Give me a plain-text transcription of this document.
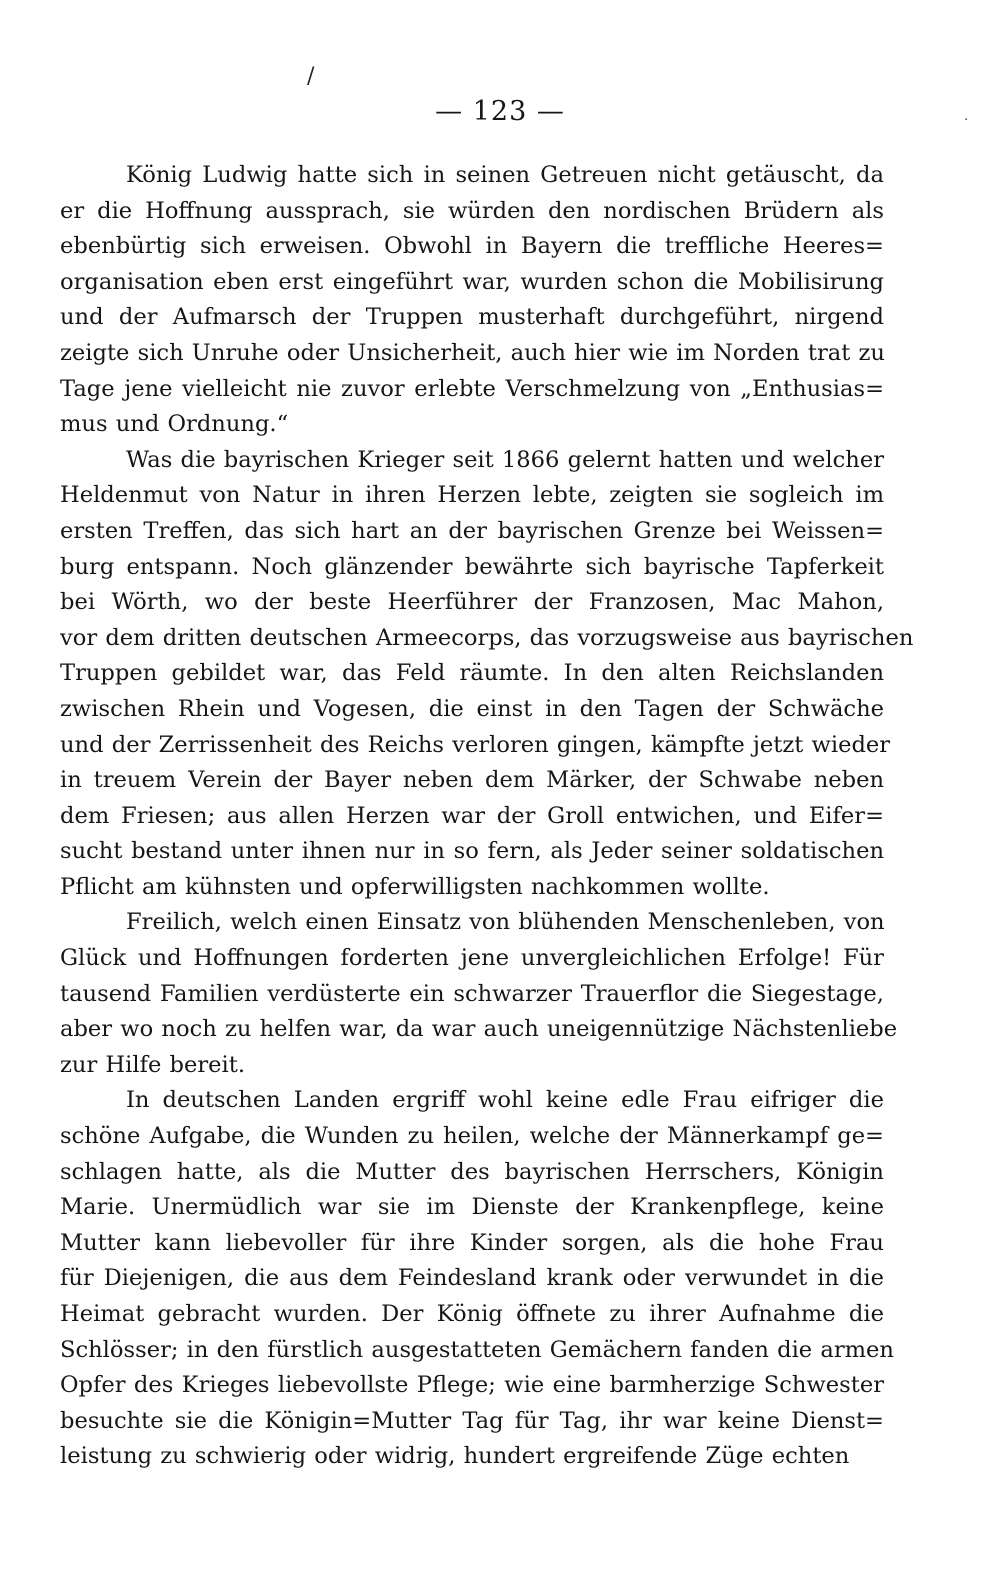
/
·
— 123 —
König Ludwig hatte sich in seinen Getreuen nicht getäuscht, da
er die Hoffnung aussprach, sie würden den nordischen Brüdern als
ebenbürtig sich erweisen. Obwohl in Bayern die treffliche Heeres=
organisation eben erst eingeführt war, wurden schon die Mobilisirung
und der Aufmarsch der Truppen musterhaft durchgeführt, nirgend
zeigte sich Unruhe oder Unsicherheit, auch hier wie im Norden trat zu
Tage jene vielleicht nie zuvor erlebte Verschmelzung von „Enthusias=
mus und Ordnung.“
Was die bayrischen Krieger seit 1866 gelernt hatten und welcher
Heldenmut von Natur in ihren Herzen lebte, zeigten sie sogleich im
ersten Treffen, das sich hart an der bayrischen Grenze bei Weissen=
burg entspann. Noch glänzender bewährte sich bayrische Tapferkeit
bei Wörth, wo der beste Heerführer der Franzosen, Mac Mahon,
vor dem dritten deutschen Armeecorps, das vorzugsweise aus bayrischen
Truppen gebildet war, das Feld räumte. In den alten Reichslanden
zwischen Rhein und Vogesen, die einst in den Tagen der Schwäche
und der Zerrissenheit des Reichs verloren gingen, kämpfte jetzt wieder
in treuem Verein der Bayer neben dem Märker, der Schwabe neben
dem Friesen; aus allen Herzen war der Groll entwichen, und Eifer=
sucht bestand unter ihnen nur in so fern, als Jeder seiner soldatischen
Pflicht am kühnsten und opferwilligsten nachkommen wollte.
Freilich, welch einen Einsatz von blühenden Menschenleben, von
Glück und Hoffnungen forderten jene unvergleichlichen Erfolge! Für
tausend Familien verdüsterte ein schwarzer Trauerflor die Siegestage,
aber wo noch zu helfen war, da war auch uneigennützige Nächstenliebe
zur Hilfe bereit.
In deutschen Landen ergriff wohl keine edle Frau eifriger die
schöne Aufgabe, die Wunden zu heilen, welche der Männerkampf ge=
schlagen hatte, als die Mutter des bayrischen Herrschers, Königin
Marie. Unermüdlich war sie im Dienste der Krankenpflege, keine
Mutter kann liebevoller für ihre Kinder sorgen, als die hohe Frau
für Diejenigen, die aus dem Feindesland krank oder verwundet in die
Heimat gebracht wurden. Der König öffnete zu ihrer Aufnahme die
Schlösser; in den fürstlich ausgestatteten Gemächern fanden die armen
Opfer des Krieges liebevollste Pflege; wie eine barmherzige Schwester
besuchte sie die Königin=Mutter Tag für Tag, ihr war keine Dienst=
leistung zu schwierig oder widrig, hundert ergreifende Züge echten
